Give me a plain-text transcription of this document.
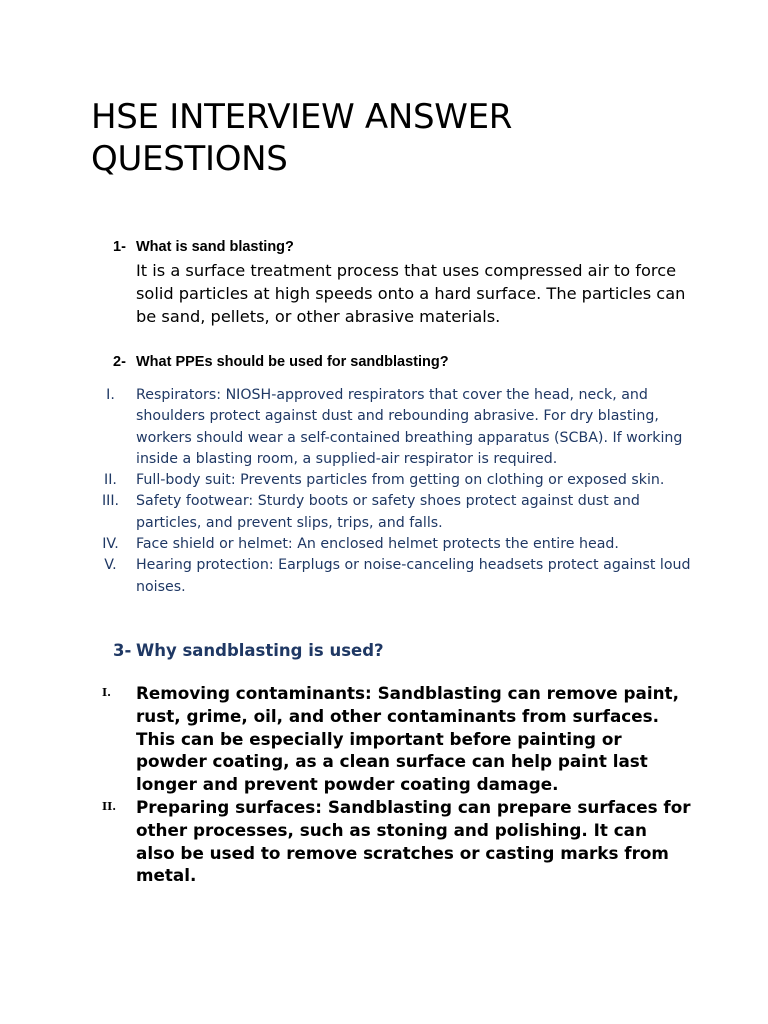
HSE INTERVIEW ANSWER
QUESTIONS
1- What is sand blasting?

It is a surface treatment process that uses compressed air to force solid particles at high speeds onto a hard surface. The particles can be sand, pellets, or other abrasive materials.

2- What PPEs should be used for sandblasting?
I.	Respirators: NIOSH-approved respirators that cover the head, neck, and shoulders protect against dust and rebounding abrasive. For dry blasting, workers should wear a self-contained breathing apparatus (SCBA). If working inside a blasting room, a supplied-air respirator is required.
II.	Full-body suit: Prevents particles from getting on clothing or exposed skin.
III.	Safety footwear: Sturdy boots or safety shoes protect against dust and particles, and prevent slips, trips, and falls.
IV.	Face shield or helmet: An enclosed helmet protects the entire head.
V.	Hearing protection: Earplugs or noise-canceling headsets protect against loud noises.
3- Why sandblasting is used?
I.	Removing contaminants: Sandblasting can remove paint, rust, grime, oil, and other contaminants from surfaces. This can be especially important before painting or powder coating, as a clean surface can help paint last longer and prevent powder coating damage.
II.	Preparing surfaces: Sandblasting can prepare surfaces for other processes, such as stoning and polishing. It can also be used to remove scratches or casting marks from metal.
